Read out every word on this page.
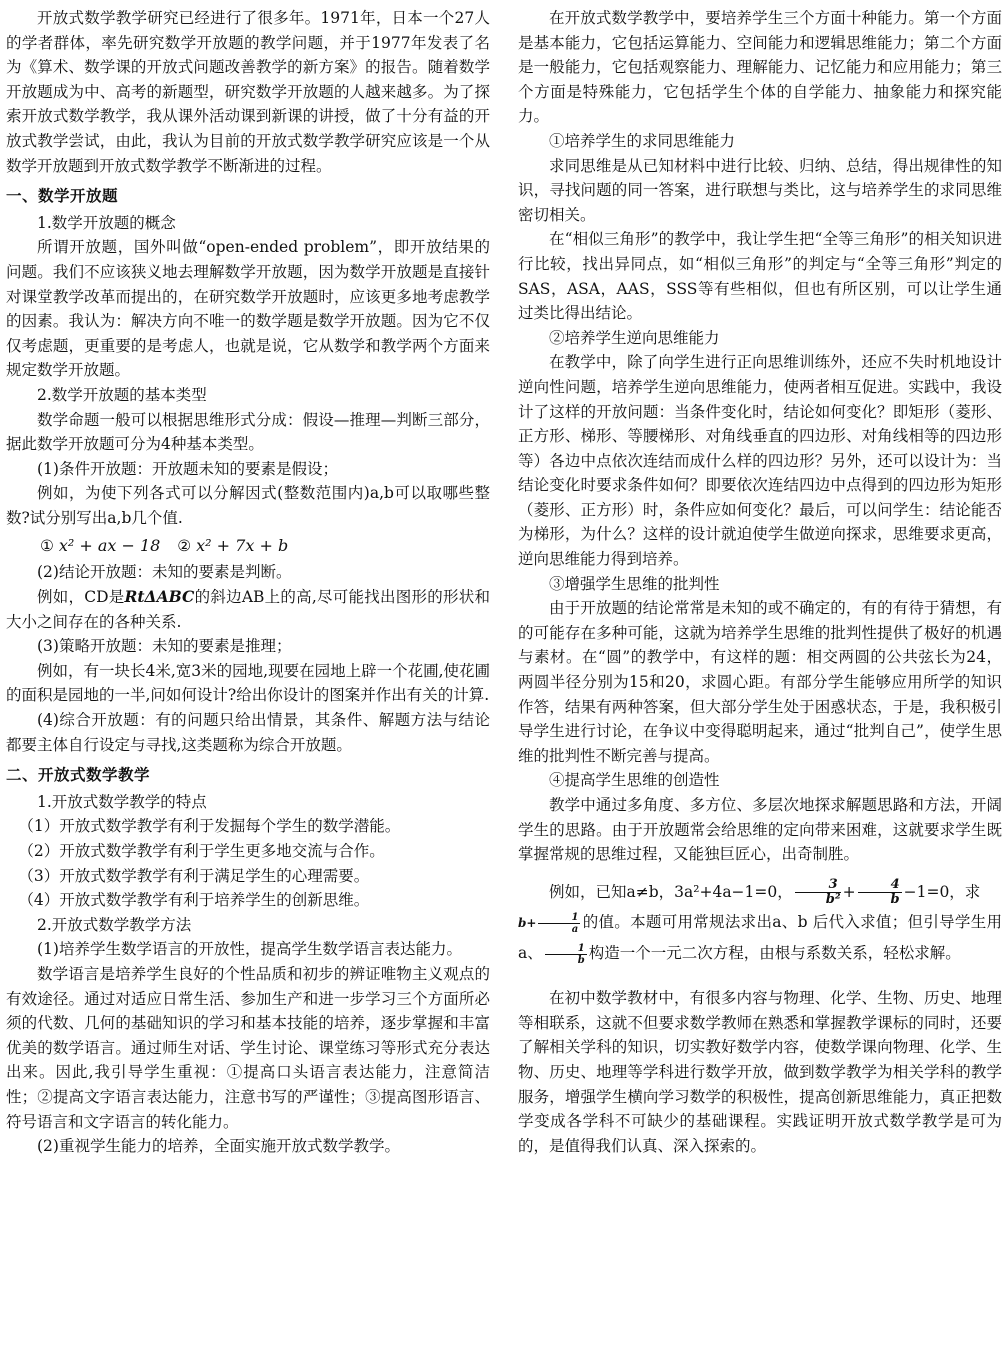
开放式数学教学研究已经进行了很多年。1971年，日本一个27人的学者群体，率先研究数学开放题的教学问题，并于1977年发表了名为《算术、数学课的开放式问题改善教学的新方案》的报告。随着数学开放题成为中、高考的新题型，研究数学开放题的人越来越多。为了探索开放式数学教学，我从课外活动课到新课的讲授，做了十分有益的开放式教学尝试，由此，我认为目前的开放式数学教学研究应该是一个从数学开放题到开放式数学教学不断渐进的过程。

一、数学开放题

1.数学开放题的概念

所谓开放题，国外叫做“open-ended problem”，即开放结果的问题。我们不应该狭义地去理解数学开放题，因为数学开放题是直接针对课堂教学改革而提出的，在研究数学开放题时，应该更多地考虑教学的因素。我认为：解决方向不唯一的数学题是数学开放题。因为它不仅仅考虑题，更重要的是考虑人，也就是说，它从数学和教学两个方面来规定数学开放题。

2.数学开放题的基本类型

数学命题一般可以根据思维形式分成：假设—推理—判断三部分，据此数学开放题可分为4种基本类型。

(1)条件开放题：开放题未知的要素是假设；

例如，为使下列各式可以分解因式(整数范围内)a,b可以取哪些整数?试分别写出a,b几个值.

① x² + ax − 18 ② x² + 7x + b

(2)结论开放题：未知的要素是判断。

例如，CD是RtΔABC的斜边AB上的高,尽可能找出图形的形状和大小之间存在的各种关系.

(3)策略开放题：未知的要素是推理；

例如，有一块长4米,宽3米的园地,现要在园地上辟一个花圃,使花圃的面积是园地的一半,问如何设计?给出你设计的图案并作出有关的计算.

(4)综合开放题：有的问题只给出情景，其条件、解题方法与结论都要主体自行设定与寻找,这类题称为综合开放题。

二、开放式数学教学

1.开放式数学教学的特点

（1）开放式数学教学有利于发掘每个学生的数学潜能。

（2）开放式数学教学有利于学生更多地交流与合作。

（3）开放式数学教学有利于满足学生的心理需要。

（4）开放式数学教学有利于培养学生的创新思维。

2.开放式数学教学方法

(1)培养学生数学语言的开放性，提高学生数学语言表达能力。

数学语言是培养学生良好的个性品质和初步的辨证唯物主义观点的有效途径。通过对适应日常生活、参加生产和进一步学习三个方面所必须的代数、几何的基础知识的学习和基本技能的培养，逐步掌握和丰富优美的数学语言。通过师生对话、学生讨论、课堂练习等形式充分表达出来。因此,我引导学生重视：①提高口头语言表达能力，注意简洁性；②提高文字语言表达能力，注意书写的严谨性；③提高图形语言、符号语言和文字语言的转化能力。

(2)重视学生能力的培养，全面实施开放式数学教学。

在开放式数学教学中，要培养学生三个方面十种能力。第一个方面是基本能力，它包括运算能力、空间能力和逻辑思维能力；第二个方面是一般能力，它包括观察能力、理解能力、记忆能力和应用能力；第三个方面是特殊能力，它包括学生个体的自学能力、抽象能力和探究能力。

①培养学生的求同思维能力

求同思维是从已知材料中进行比较、归纳、总结，得出规律性的知识，寻找问题的同一答案，进行联想与类比，这与培养学生的求同思维密切相关。

在“相似三角形”的教学中，我让学生把“全等三角形”的相关知识进行比较，找出异同点，如“相似三角形”的判定与“全等三角形”判定的SAS，ASA，AAS，SSS等有些相似，但也有所区别，可以让学生通过类比得出结论。

②培养学生逆向思维能力

在教学中，除了向学生进行正向思维训练外，还应不失时机地设计逆向性问题，培养学生逆向思维能力，使两者相互促进。实践中，我设计了这样的开放问题：当条件变化时，结论如何变化？即矩形（菱形、正方形、梯形、等腰梯形、对角线垂直的四边形、对角线相等的四边形等）各边中点依次连结而成什么样的四边形？另外，还可以设计为：当结论变化时要求条件如何？即要依次连结四边中点得到的四边形为矩形（菱形、正方形）时，条件应如何变化？最后，可以问学生：结论能否为梯形，为什么？这样的设计就迫使学生做逆向探求，思维要求更高，逆向思维能力得到培养。

③增强学生思维的批判性

由于开放题的结论常常是未知的或不确定的，有的有待于猜想，有的可能存在多种可能，这就为培养学生思维的批判性提供了极好的机遇与素材。在“圆”的教学中，有这样的题：相交两圆的公共弦长为24，两圆半径分别为15和20，求圆心距。有部分学生能够应用所学的知识作答，结果有两种答案，但大部分学生处于困惑状态，于是，我积极引导学生进行讨论，在争议中变得聪明起来，通过“批判自己”，使学生思维的批判性不断完善与提高。

④提高学生思维的创造性

教学中通过多角度、多方位、多层次地探求解题思路和方法，开阔学生的思路。由于开放题常会给思维的定向带来困难，这就要求学生既掌握常规的思维过程，又能独巨匠心，出奇制胜。

例如，已知a≠b，3a²+4a−1=0， $\frac{3}{\text{b²}} + \frac{4}{b} -1=0$，求
$b+ \frac{1}{a}$ 的值。本题可用常规法求出a、b 后代入求值；但引导学生用a、 $\frac{1}{b}$ 构造一个一元二次方程，由根与系数关系，轻松求解。

在初中数学教材中，有很多内容与物理、化学、生物、历史、地理等相联系，这就不但要求数学教师在熟悉和掌握教学课标的同时，还要了解相关学科的知识，切实教好数学内容，使数学课向物理、化学、生物、历史、地理等学科进行数学开放，做到数学教学为相关学科的教学服务，增强学生横向学习数学的积极性，提高创新思维能力，真正把数学变成各学科不可缺少的基础课程。实践证明开放式数学教学是可为的，是值得我们认真、深入探索的。
